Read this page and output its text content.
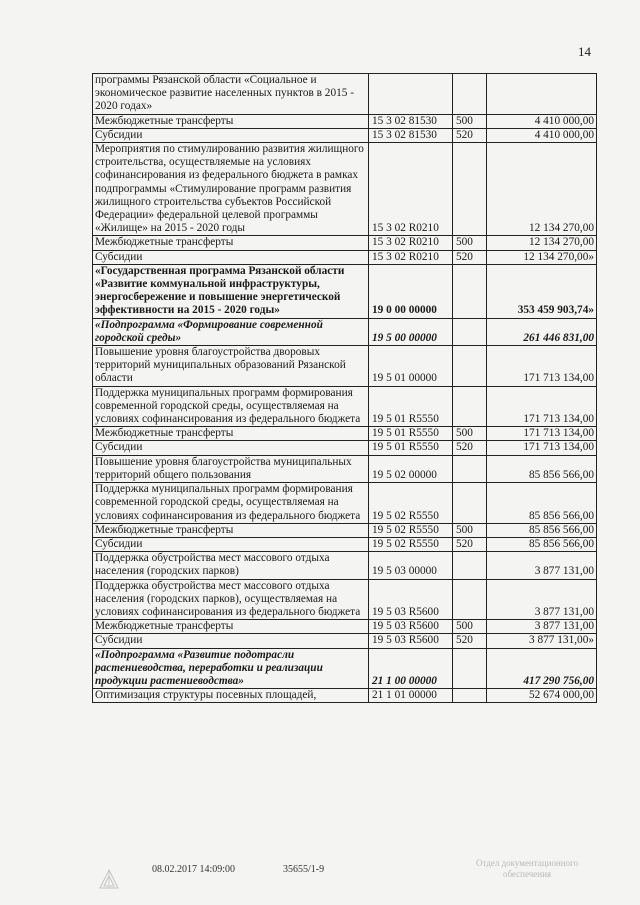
14
программы Рязанской области «Социальное и экономическое развитие населенных пунктов в 2015 - 2020 годах»			
Межбюджетные трансферты	15 3 02 81530	500	4 410 000,00
Субсидии	15 3 02 81530	520	4 410 000,00
Мероприятия по стимулированию развития жилищного строительства, осуществляемые на условиях софинансирования из федерального бюджета в рамках подпрограммы «Стимулирование программ развития жилищного строительства субъектов Российской Федерации» федеральной целевой программы «Жилище» на 2015 - 2020 годы	15 3 02 R0210		12 134 270,00
Межбюджетные трансферты	15 3 02 R0210	500	12 134 270,00
Субсидии	15 3 02 R0210	520	12 134 270,00»
«Государственная программа Рязанской области «Развитие коммунальной инфраструктуры, энергосбережение и повышение энергетической эффективности на 2015 - 2020 годы»	19 0 00 00000		353 459 903,74»
«Подпрограмма «Формирование современной городской среды»	19 5 00 00000		261 446 831,00
Повышение уровня благоустройства дворовых территорий муниципальных образований Рязанской области	19 5 01 00000		171 713 134,00
Поддержка муниципальных программ формирования современной городской среды, осуществляемая на условиях софинансирования из федерального бюджета	19 5 01 R5550		171 713 134,00
Межбюджетные трансферты	19 5 01 R5550	500	171 713 134,00
Субсидии	19 5 01 R5550	520	171 713 134,00
Повышение уровня благоустройства муниципальных территорий общего пользования	19 5 02 00000		85 856 566,00
Поддержка муниципальных программ формирования современной городской среды, осуществляемая на условиях софинансирования из федерального бюджета	19 5 02 R5550		85 856 566,00
Межбюджетные трансферты	19 5 02 R5550	500	85 856 566,00
Субсидии	19 5 02 R5550	520	85 856 566,00
Поддержка обустройства мест массового отдыха населения (городских парков)	19 5 03 00000		3 877 131,00
Поддержка обустройства мест массового отдыха населения (городских парков), осуществляемая на условиях софинансирования из федерального бюджета	19 5 03 R5600		3 877 131,00
Межбюджетные трансферты	19 5 03 R5600	500	3 877 131,00
Субсидии	19 5 03 R5600	520	3 877 131,00»
«Подпрограмма «Развитие подотрасли растениеводства, переработки и реализации продукции растениеводства»	21 1 00 00000		417 290 756,00
Оптимизация структуры посевных площадей,	21 1 01 00000		52 674 000,00
08.02.2017 14:09:00	35655/1-9
Отдел документационного
обеспечения
